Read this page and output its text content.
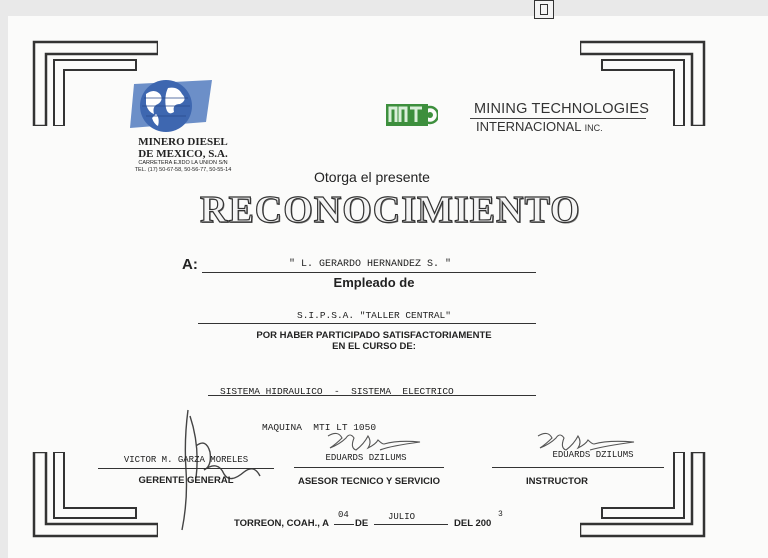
MINERO DIESEL
DE MEXICO, S.A.
CARRETERA EJIDO LA UNION S/N
TEL. (17) 50-67-58, 50-56-77, 50-55-14
MINING TECHNOLOGIES
INTERNACIONAL INC.
Otorga el presente
RECONOCIMIENTO
A:	" L. GERARDO HERNANDEZ S. "
Empleado de
S.I.P.S.A. "TALLER CENTRAL"
POR HABER PARTICIPADO SATISFACTORIAMENTE
EN EL CURSO DE:

SISTEMA HIDRAULICO  -  SISTEMA  ELECTRICO

MAQUINA  MTI LT 1050

VICTOR M. GARZA MORELES
GERENTE GENERAL
EDUARDS DZILUMS
ASESOR TECNICO Y SERVICIO
EDUARDS DZILUMS
INSTRUCTOR
TORREON, COAH., A
04
DE
JULIO
DEL 200
3
